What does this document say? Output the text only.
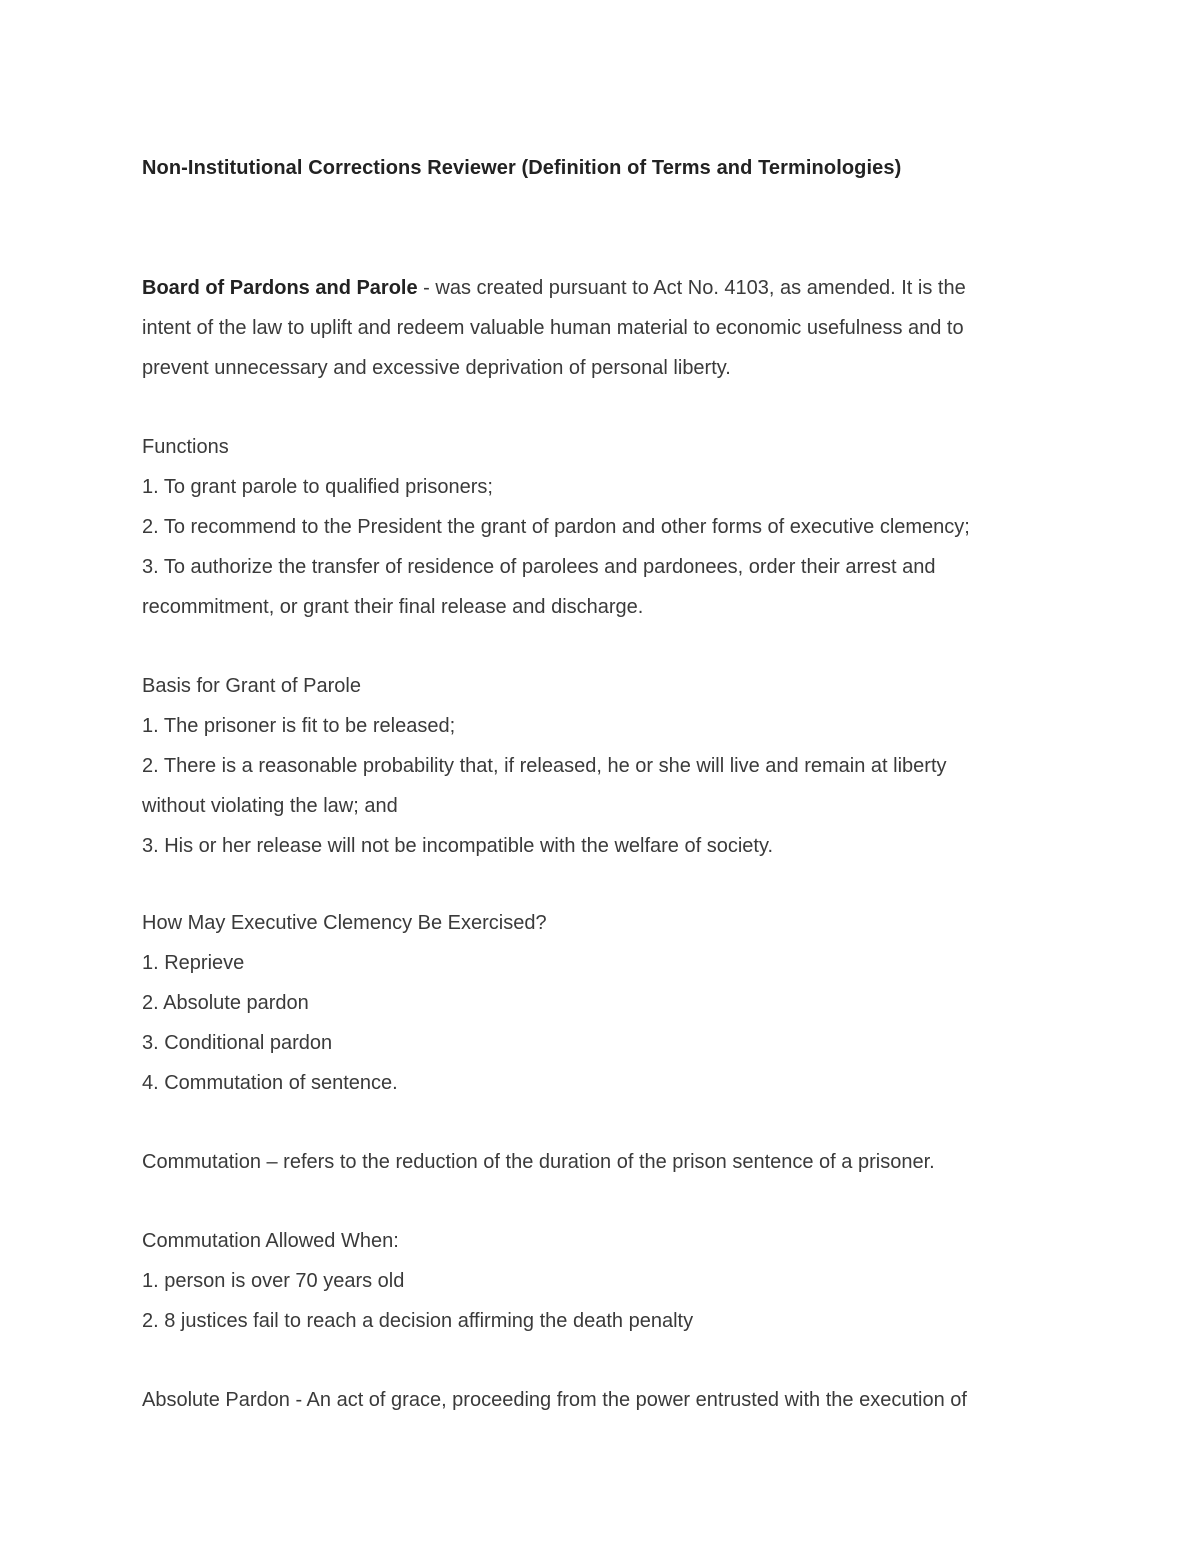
Non-Institutional Corrections Reviewer (Definition of Terms and Terminologies)
Board of Pardons and Parole - was created pursuant to Act No. 4103, as amended. It is the
intent of the law to uplift and redeem valuable human material to economic usefulness and to
prevent unnecessary and excessive deprivation of personal liberty.
Functions
1. To grant parole to qualified prisoners;
2. To recommend to the President the grant of pardon and other forms of executive clemency;
3. To authorize the transfer of residence of parolees and pardonees, order their arrest and
recommitment, or grant their final release and discharge.
Basis for Grant of Parole
1. The prisoner is fit to be released;
2. There is a reasonable probability that, if released, he or she will live and remain at liberty
without violating the law; and
3. His or her release will not be incompatible with the welfare of society.
How May Executive Clemency Be Exercised?
1. Reprieve
2. Absolute pardon
3. Conditional pardon
4. Commutation of sentence.
Commutation – refers to the reduction of the duration of the prison sentence of a prisoner.
Commutation Allowed When:
1. person is over 70 years old
2. 8 justices fail to reach a decision affirming the death penalty
Absolute Pardon - An act of grace, proceeding from the power entrusted with the execution of
